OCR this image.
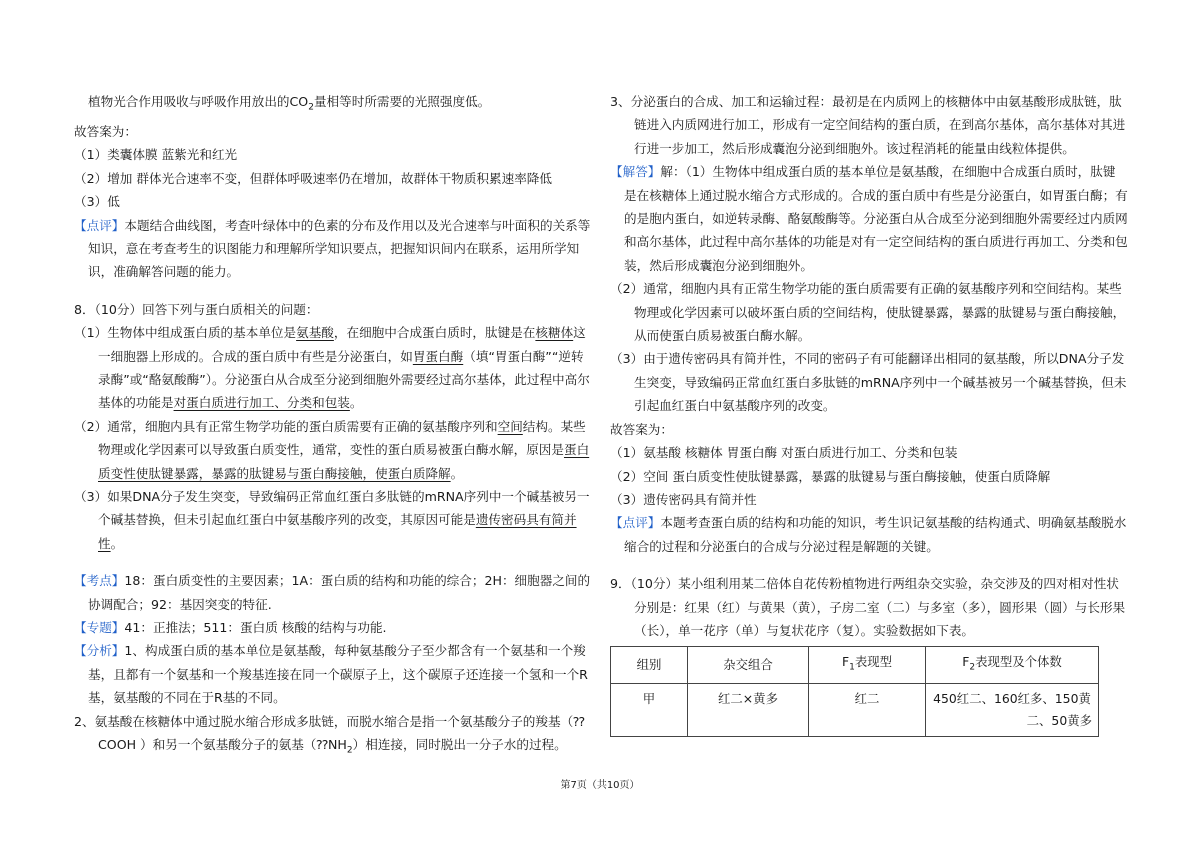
植物光合作用吸收与呼吸作用放出的$CO_2$量相等时所需要的光照强度低。

故答案为：

（1）类囊体膜 蓝紫光和红光

（2）增加 群体光合速率不变，但群体呼吸速率仍在增加，故群体干物质积累速率降低

（3）低

【点评】本题结合曲线图，考查叶绿体中的色素的分布及作用以及光合速率与叶面积的关系等知识，意在考查考生的识图能力和理解所学知识要点，把握知识间内在联系，运用所学知识，准确解答问题的能力。

8．（10分）回答下列与蛋白质相关的问题：

（1）生物体中组成蛋白质的基本单位是氨基酸，在细胞中合成蛋白质时，肽键是在核糖体这一细胞器上形成的。合成的蛋白质中有些是分泌蛋白，如胃蛋白酶（填“胃蛋白酶”“逆转录酶”或“酪氨酸酶”）。分泌蛋白从合成至分泌到细胞外需要经过高尔基体，此过程中高尔基体的功能是对蛋白质进行加工、分类和包装。

（2）通常，细胞内具有正常生物学功能的蛋白质需要有正确的氨基酸序列和空间结构。某些物理或化学因素可以导致蛋白质变性，通常，变性的蛋白质易被蛋白酶水解，原因是蛋白质变性使肽键暴露，暴露的肽键易与蛋白酶接触，使蛋白质降解。

（3）如果DNA分子发生突变，导致编码正常血红蛋白多肽链的mRNA序列中一个碱基被另一个碱基替换，但未引起血红蛋白中氨基酸序列的改变，其原因可能是遗传密码具有简并性。

【考点】18：蛋白质变性的主要因素；1A：蛋白质的结构和功能的综合；2H：细胞器之间的协调配合；92：基因突变的特征.

【专题】41：正推法；511：蛋白质 核酸的结构与功能.

【分析】1、构成蛋白质的基本单位是氨基酸，每种氨基酸分子至少都含有一个氨基和一个羧基，且都有一个氨基和一个羧基连接在同一个碳原子上，这个碳原子还连接一个氢和一个R基，氨基酸的不同在于R基的不同。

2、氨基酸在核糖体中通过脱水缩合形成多肽链，而脱水缩合是指一个氨基酸分子的羧基（⁇COOH ）和另一个氨基酸分子的氨基$(⁇NH_2)$相连接，同时脱出一分子水的过程。

3、分泌蛋白的合成、加工和运输过程：最初是在内质网上的核糖体中由氨基酸形成肽链，肽链进入内质网进行加工，形成有一定空间结构的蛋白质，在到高尔基体，高尔基体对其进行进一步加工，然后形成囊泡分泌到细胞外。该过程消耗的能量由线粒体提供。

【解答】解：（1）生物体中组成蛋白质的基本单位是氨基酸，在细胞中合成蛋白质时，肽键是在核糖体上通过脱水缩合方式形成的。合成的蛋白质中有些是分泌蛋白，如胃蛋白酶；有的是胞内蛋白，如逆转录酶、酪氨酸酶等。分泌蛋白从合成至分泌到细胞外需要经过内质网和高尔基体，此过程中高尔基体的功能是对有一定空间结构的蛋白质进行再加工、分类和包装，然后形成囊泡分泌到细胞外。

（2）通常，细胞内具有正常生物学功能的蛋白质需要有正确的氨基酸序列和空间结构。某些物理或化学因素可以破坏蛋白质的空间结构，使肽键暴露，暴露的肽键易与蛋白酶接触，从而使蛋白质易被蛋白酶水解。

（3）由于遗传密码具有简并性，不同的密码子有可能翻译出相同的氨基酸，所以DNA分子发生突变，导致编码正常血红蛋白多肽链的mRNA序列中一个碱基被另一个碱基替换，但未引起血红蛋白中氨基酸序列的改变。

故答案为：

（1）氨基酸 核糖体 胃蛋白酶 对蛋白质进行加工、分类和包装

（2）空间 蛋白质变性使肽键暴露，暴露的肽键易与蛋白酶接触，使蛋白质降解

（3）遗传密码具有简并性

【点评】本题考查蛋白质的结构和功能的知识，考生识记氨基酸的结构通式、明确氨基酸脱水缩合的过程和分泌蛋白的合成与分泌过程是解题的关键。

9．（10分）某小组利用某二倍体自花传粉植物进行两组杂交实验，杂交涉及的四对相对性状分别是：红果（红）与黄果（黄），子房二室（二）与多室（多），圆形果（圆）与长形果（长），单一花序（单）与复状花序（复）。实验数据如下表。

组别	杂交组合	$F_1$表现型	$F_2$表现型及个体数
甲	红二×黄多	红二	450红二、160红多、150黄
二、50黄多
第7页（共10页）
